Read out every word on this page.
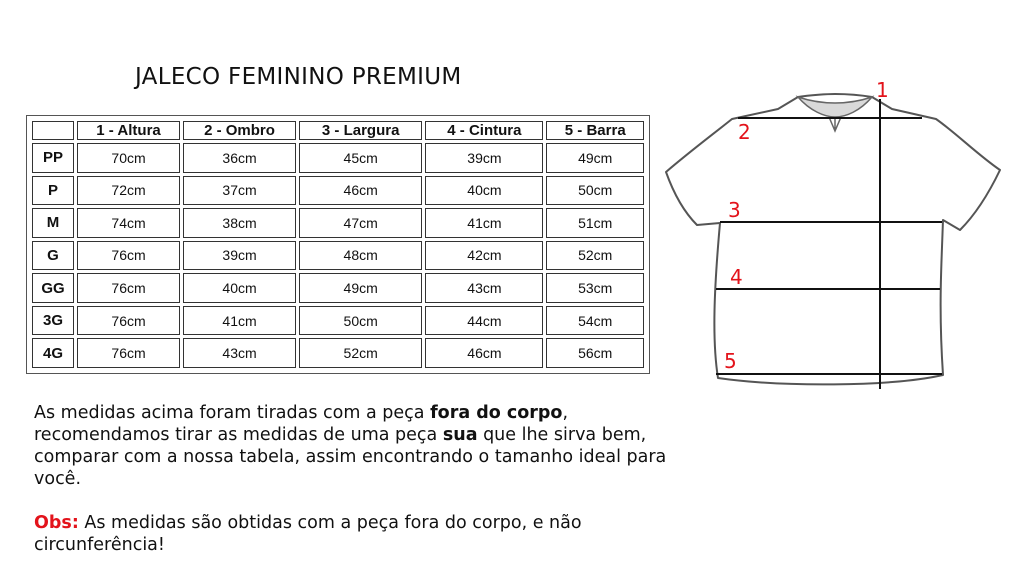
JALECO FEMININO PREMIUM
	1 - Altura	2 - Ombro	3 - Largura	4 - Cintura	5 - Barra
PP	70cm	36cm	45cm	39cm	49cm
P	72cm	37cm	46cm	40cm	50cm
M	74cm	38cm	47cm	41cm	51cm
G	76cm	39cm	48cm	42cm	52cm
GG	76cm	40cm	49cm	43cm	53cm
3G	76cm	41cm	50cm	44cm	54cm
4G	76cm	43cm	52cm	46cm	56cm

As medidas acima foram tiradas com a peça fora do corpo, recomendamos tirar as medidas de uma peça sua que lhe sirva bem, comparar com a nossa tabela, assim encontrando o tamanho ideal para você.

Obs: As medidas são obtidas com a peça fora do corpo, e não circunferência!

1
2
3
4
5
